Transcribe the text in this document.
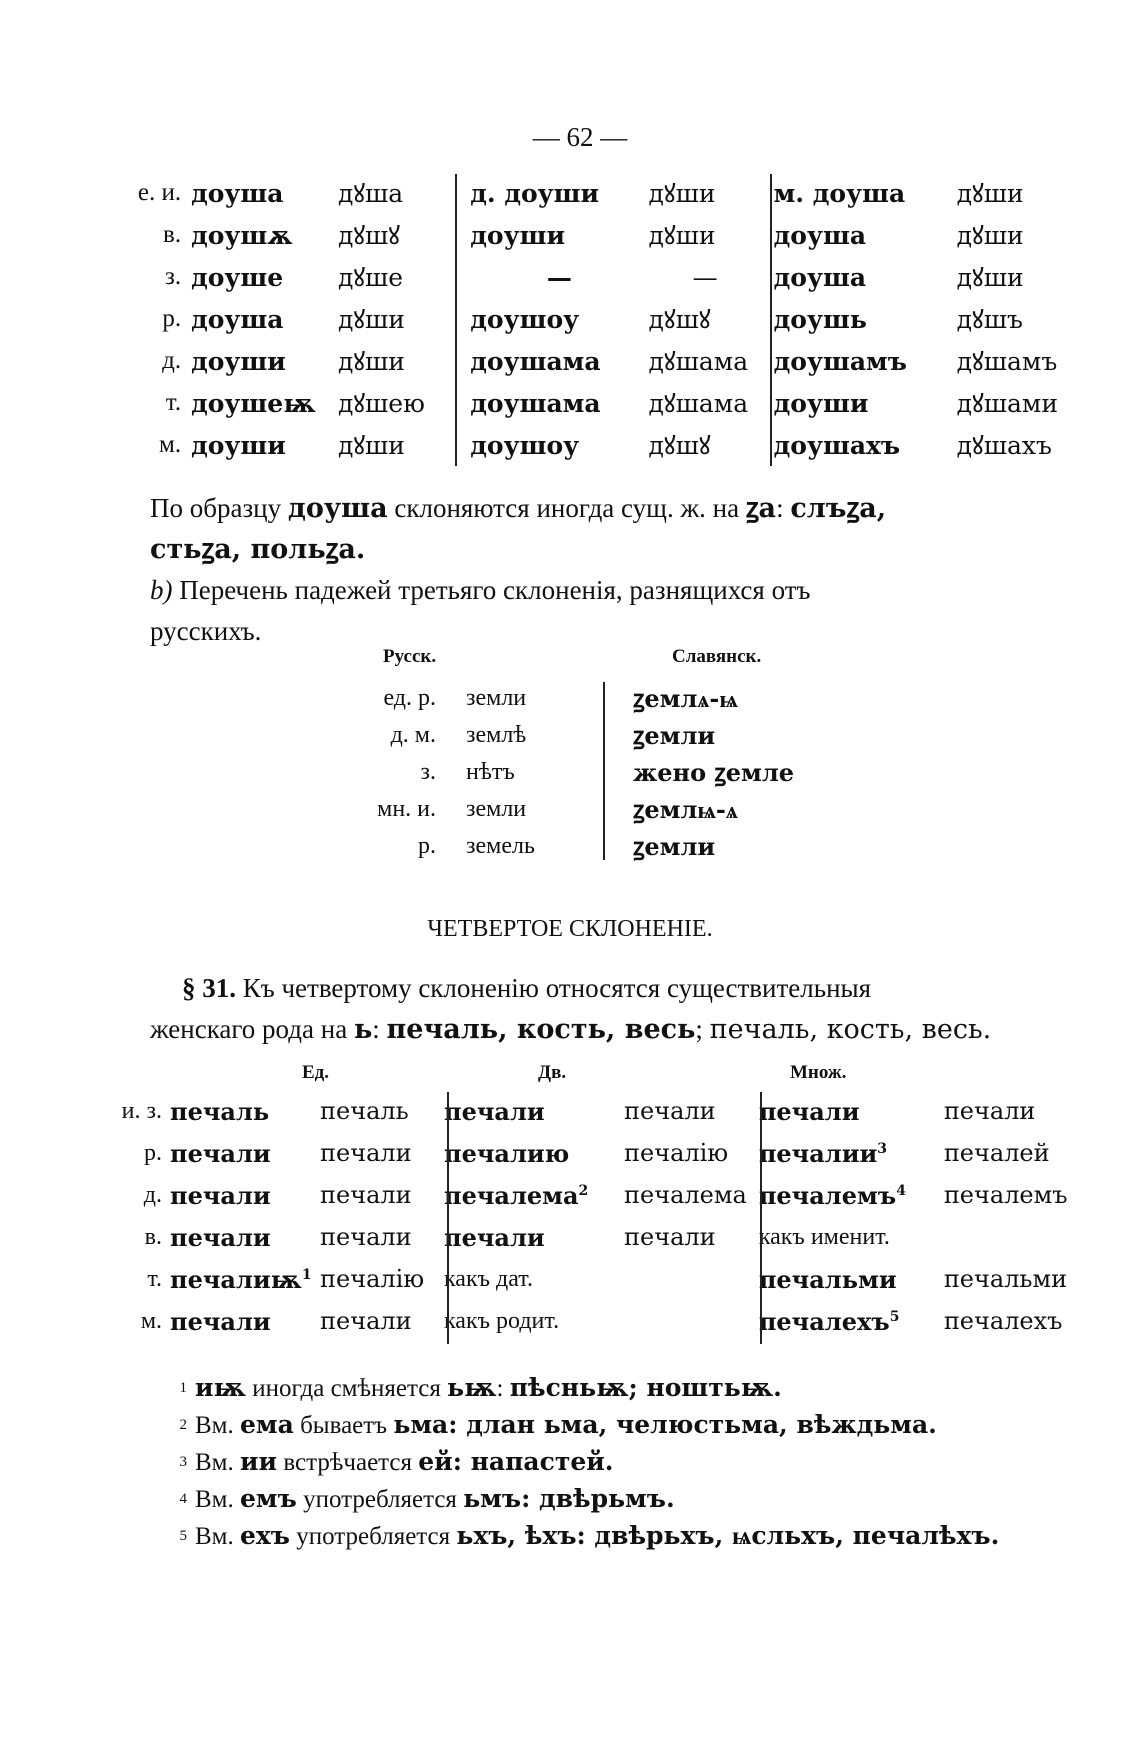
— 62 —
е. и.	доуша	дꙋша	д. доуши	дꙋши	м. доуша	дꙋши
в.	доушѫ	дꙋшꙋ	доуши	дꙋши	доуша	дꙋши
з.	доуше	дꙋше	—	—	доуша	дꙋши
р.	доуша	дꙋши	доушоу	дꙋшꙋ	доушь	дꙋшъ
д.	доуши	дꙋши	доушама	дꙋшама	доушамъ	дꙋшамъ
т.	доушеѭ	дꙋшею	доушама	дꙋшама	доуши	дꙋшами
м.	доуши	дꙋши	доушоу	дꙋшꙋ	доушахъ	дꙋшахъ
По образцу доуша склоняются иногда сущ. ж. на ꙁа: слъꙁа,
стьꙁа, польꙁа.
b) Перечень падежей третьяго склоненія, разнящихся отъ
русскихъ.
Русск.	Славянск.
ед. р.	земли	ꙁемлѧ-ѩ
д. м.	землѣ	ꙁемли
з.	нѣтъ	жено ꙁемле
мн. и.	земли	ꙁемлѩ-ѧ
р.	земель	ꙁемли
ЧЕТВЕРТОЕ СКЛОНЕНІЕ.
§ 31. Къ четвертому склоненію относятся существительныя
женскаго рода на ь: печаль, кость, весь; печаль, кость, весь.
Ед.	Дв.	Множ.
и. з.	печаль	печаль	печали	печали	печали	печали
р.	печали	печали	печалию	печалію	печалии$^3$	печалей
д.	печали	печали	печалема$^2$	печалема	печалемъ$^4$	печалемъ
в.	печали	печали	печали	печали	какъ именит.	
т.	печалиѭ$^1$	печалію	какъ дат.		печальми	печальми
м.	печали	печали	какъ родит.		печалехъ$^5$	печалехъ
1 иѭ иногда смѣняется ьѭ: пѣсньѭ; ноштьѭ.
2 Вм. ема бываетъ ьма: длан ьма, челюстьма, вѣждьма.
3 Вм. ии встрѣчается ей: напастей.
4 Вм. емъ употребляется ьмъ: двѣрьмъ.
5 Вм. ехъ употребляется ьхъ, ѣхъ: двѣрьхъ, ѩсльхъ, печалѣхъ.
